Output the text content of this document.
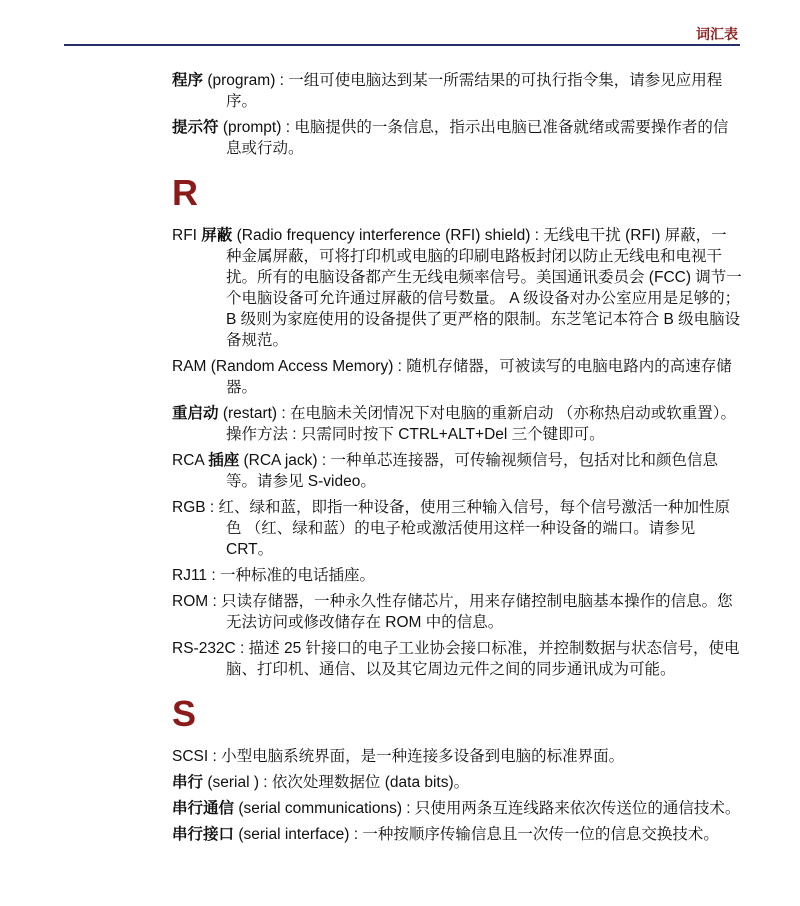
词汇表
程序 (program) : 一组可使电脑达到某一所需结果的可执行指令集，请参见应用程序。
提示符 (prompt) : 电脑提供的一条信息，指示出电脑已准备就绪或需要操作者的信息或行动。
R
RFI 屏蔽 (Radio frequency interference (RFI) shield) : 无线电干扰 (RFI) 屏蔽，一种金属屏蔽，可将打印机或电脑的印刷电路板封闭以防止无线电和电视干扰。所有的电脑设备都产生无线电频率信号。美国通讯委员会 (FCC) 调节一个电脑设备可允许通过屏蔽的信号数量。 A 级设备对办公室应用是足够的； B 级则为家庭使用的设备提供了更严格的限制。东芝笔记本符合 B 级电脑设备规范。
RAM (Random Access Memory) : 随机存储器，可被读写的电脑电路内的高速存储器。
重启动 (restart) : 在电脑未关闭情况下对电脑的重新启动 （亦称热启动或软重置）。操作方法 : 只需同时按下 CTRL+ALT+Del 三个键即可。
RCA 插座 (RCA jack) : 一种单芯连接器，可传输视频信号，包括对比和颜色信息等。请参见 S-video。
RGB : 红、绿和蓝，即指一种设备，使用三种输入信号，每个信号激活一种加性原色 （红、绿和蓝）的电子枪或激活使用这样一种设备的端口。请参见 CRT。
RJ11 : 一种标准的电话插座。
ROM : 只读存储器，一种永久性存储芯片，用来存储控制电脑基本操作的信息。您无法访问或修改储存在 ROM 中的信息。
RS-232C : 描述 25 针接口的电子工业协会接口标准，并控制数据与状态信号，使电脑、打印机、通信、以及其它周边元件之间的同步通讯成为可能。
S
SCSI : 小型电脑系统界面，是一种连接多设备到电脑的标准界面。
串行 (serial ) : 依次处理数据位 (data bits)。
串行通信 (serial communications) : 只使用两条互连线路来依次传送位的通信技术。
串行接口 (serial interface) : 一种按顺序传输信息且一次传一位的信息交换技术。
